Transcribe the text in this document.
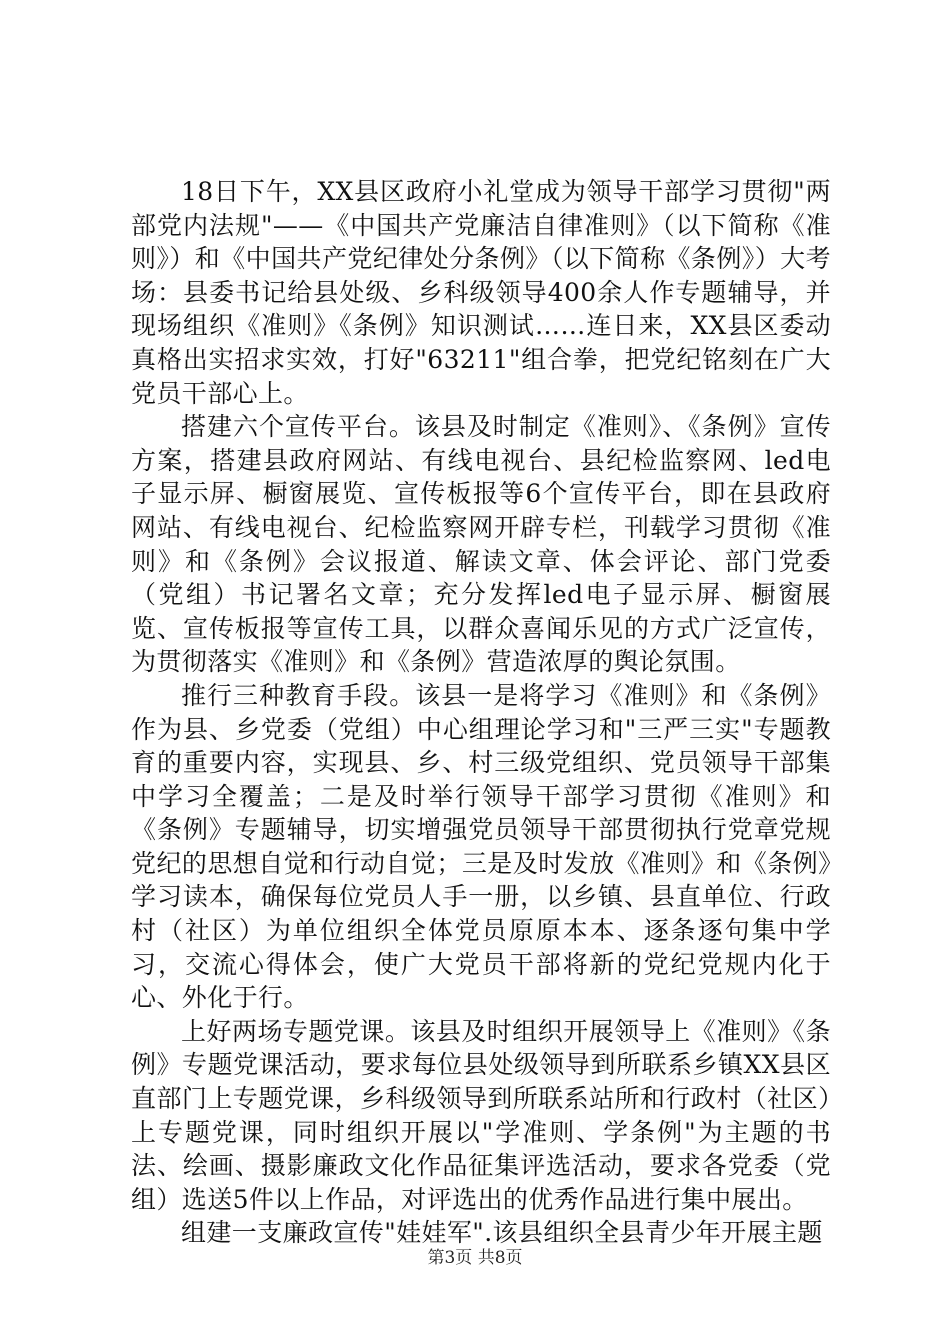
18日下午，XX县区政府小礼堂成为领导干部学习贯彻"两部党内法规"——《中国共产党廉洁自律准则》（以下简称《准则》）和《中国共产党纪律处分条例》（以下简称《条例》）大考场：县委书记给县处级、乡科级领导400余人作专题辅导，并现场组织《准则》《条例》知识测试……连日来，XX县区委动真格出实招求实效，打好"63211"组合拳，把党纪铭刻在广大党员干部心上。

搭建六个宣传平台。该县及时制定《准则》、《条例》宣传方案，搭建县政府网站、有线电视台、县纪检监察网、led电子显示屏、橱窗展览、宣传板报等6个宣传平台，即在县政府网站、有线电视台、纪检监察网开辟专栏，刊载学习贯彻《准则》和《条例》会议报道、解读文章、体会评论、部门党委（党组）书记署名文章；充分发挥led电子显示屏、橱窗展览、宣传板报等宣传工具，以群众喜闻乐见的方式广泛宣传，为贯彻落实《准则》和《条例》营造浓厚的舆论氛围。

推行三种教育手段。该县一是将学习《准则》和《条例》作为县、乡党委（党组）中心组理论学习和"三严三实"专题教育的重要内容，实现县、乡、村三级党组织、党员领导干部集中学习全覆盖；二是及时举行领导干部学习贯彻《准则》和《条例》专题辅导，切实增强党员领导干部贯彻执行党章党规党纪的思想自觉和行动自觉；三是及时发放《准则》和《条例》学习读本，确保每位党员人手一册，以乡镇、县直单位、行政村（社区）为单位组织全体党员原原本本、逐条逐句集中学习，交流心得体会，使广大党员干部将新的党纪党规内化于心、外化于行。

上好两场专题党课。该县及时组织开展领导上《准则》《条例》专题党课活动，要求每位县处级领导到所联系乡镇XX县区直部门上专题党课，乡科级领导到所联系站所和行政村（社区）上专题党课，同时组织开展以"学准则、学条例"为主题的书法、绘画、摄影廉政文化作品征集评选活动，要求各党委（党组）选送5件以上作品，对评选出的优秀作品进行集中展出。

组建一支廉政宣传"娃娃军".该县组织全县青少年开展主题

第3页 共8页
